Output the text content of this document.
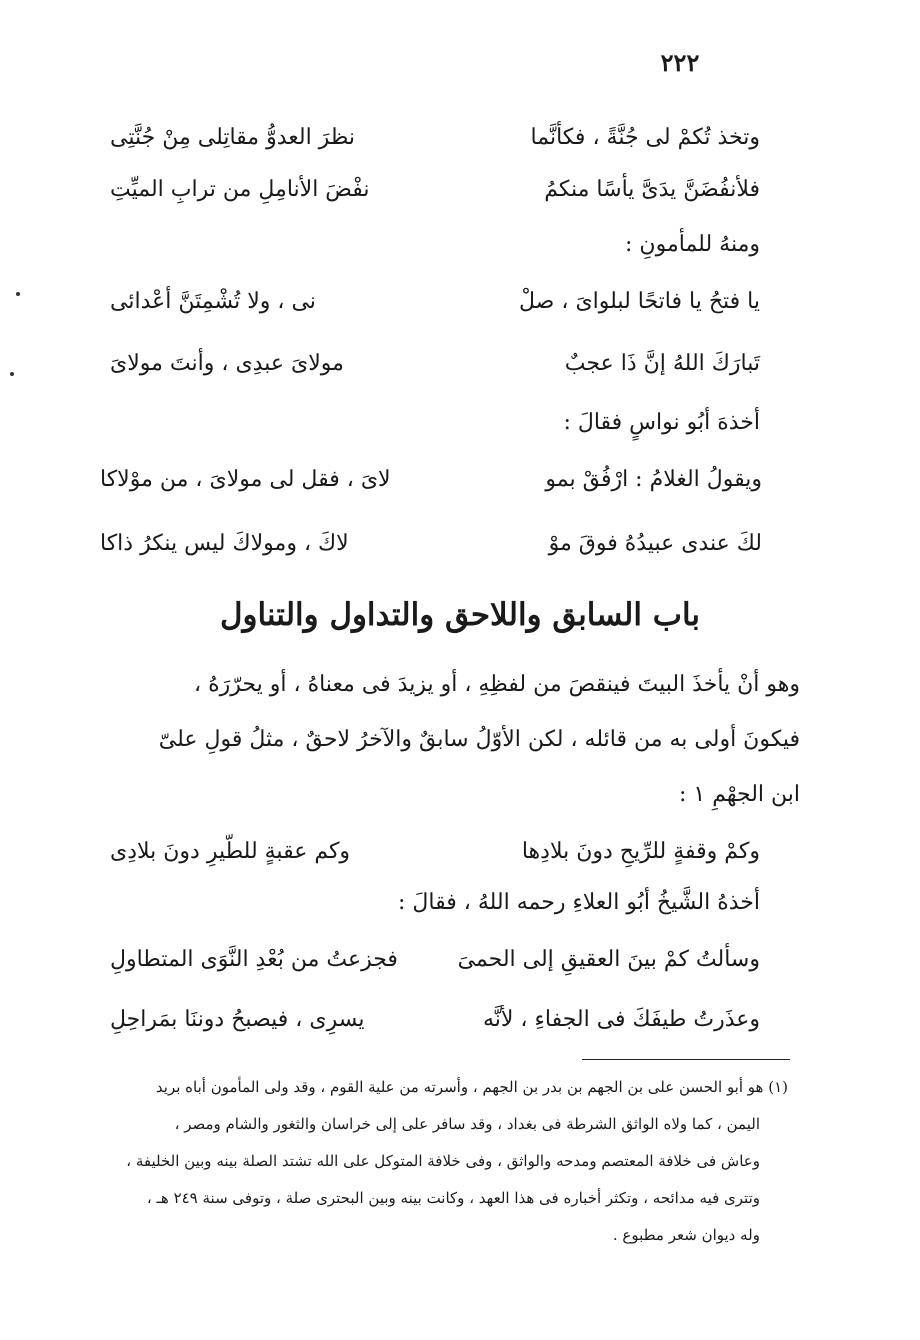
٢٢٢
وتخذ تُكمْ لى جُنَّةً ، فكأنَّما
نظرَ العدوُّ مقاتِلى مِنْ جُنَّتِى
فلأنفُضَنَّ يدَىَّ يأسًا منكمُ
نفْضَ الأنامِلِ من ترابِ الميِّتِ
ومنهُ للمأمونِ :
يا فتحُ يا فاتحًا لبلوایَ ، صلْ
نى ، ولا تُشْمِتَنَّ أعْدائى
تَبارَكَ اللهُ إنَّ ذَا عجبٌ
مولاىَ عبدِى ، وأنتَ مولاىَ
أخذهَ أبُو نواسٍ فقالَ :
ويقولُ الغلامُ : ارْفُقْ بمو
لاىَ ، فقل لى مولاىَ ، من موْلاكا
لكَ عندى عبيدُهُ فوقَ موْ
لاكَ ، ومولاكَ ليس ينكرُ ذاكا
باب السابق واللاحق والتداول والتناول
وهو أنْ يأخذَ البيتَ فينقصَ من لفظِهِ ، أو يزيدَ فى معناهُ ، أو يحرّرَهُ ،
فيكونَ أولى به من قائله ، لكن الأوّلُ سابقٌ والآخرُ لاحقٌ ، مثلُ قولِ علىّ
ابن الجهْمِ ١ :
وكمْ وقفةٍ للرِّيحِ دونَ بلادِها
وكم عقبةٍ للطّيرِ دونَ بلادِى
أخذهُ الشَّيخُ أبُو العلاءِ رحمه اللهُ ، فقالَ :
وسألتُ كمْ بينَ العقيقِ إلى الحمىَ
فجزعتُ من بُعْدِ النَّوَى المتطاولِ
وعذَرتُ طيفَكَ فى الجفاءِ ، لأنَّه
يسرِى ، فيصبحُ دوننَا بمَراحِلِ
(١) هو أبو الحسن على بن الجهم بن بدر بن الجهم ، وأسرته من علية القوم ، وقد ولى المأمون أباه بريد
اليمن ، كما ولاه الواثق الشرطة فى بغداد ، وقد سافر على إلى خراسان والثغور والشام ومصر ،
وعاش فى خلافة المعتصم ومدحه والواثق ، وفى خلافة المتوكل على الله تشتد الصلة بينه وبين الخليفة ،
وتترى فيه مدائحه ، وتكثر أخباره فى هذا العهد ، وكانت بينه وبين البحترى صلة ، وتوفى سنة ٢٤٩ هـ ،
وله ديوان شعر مطبوع .
